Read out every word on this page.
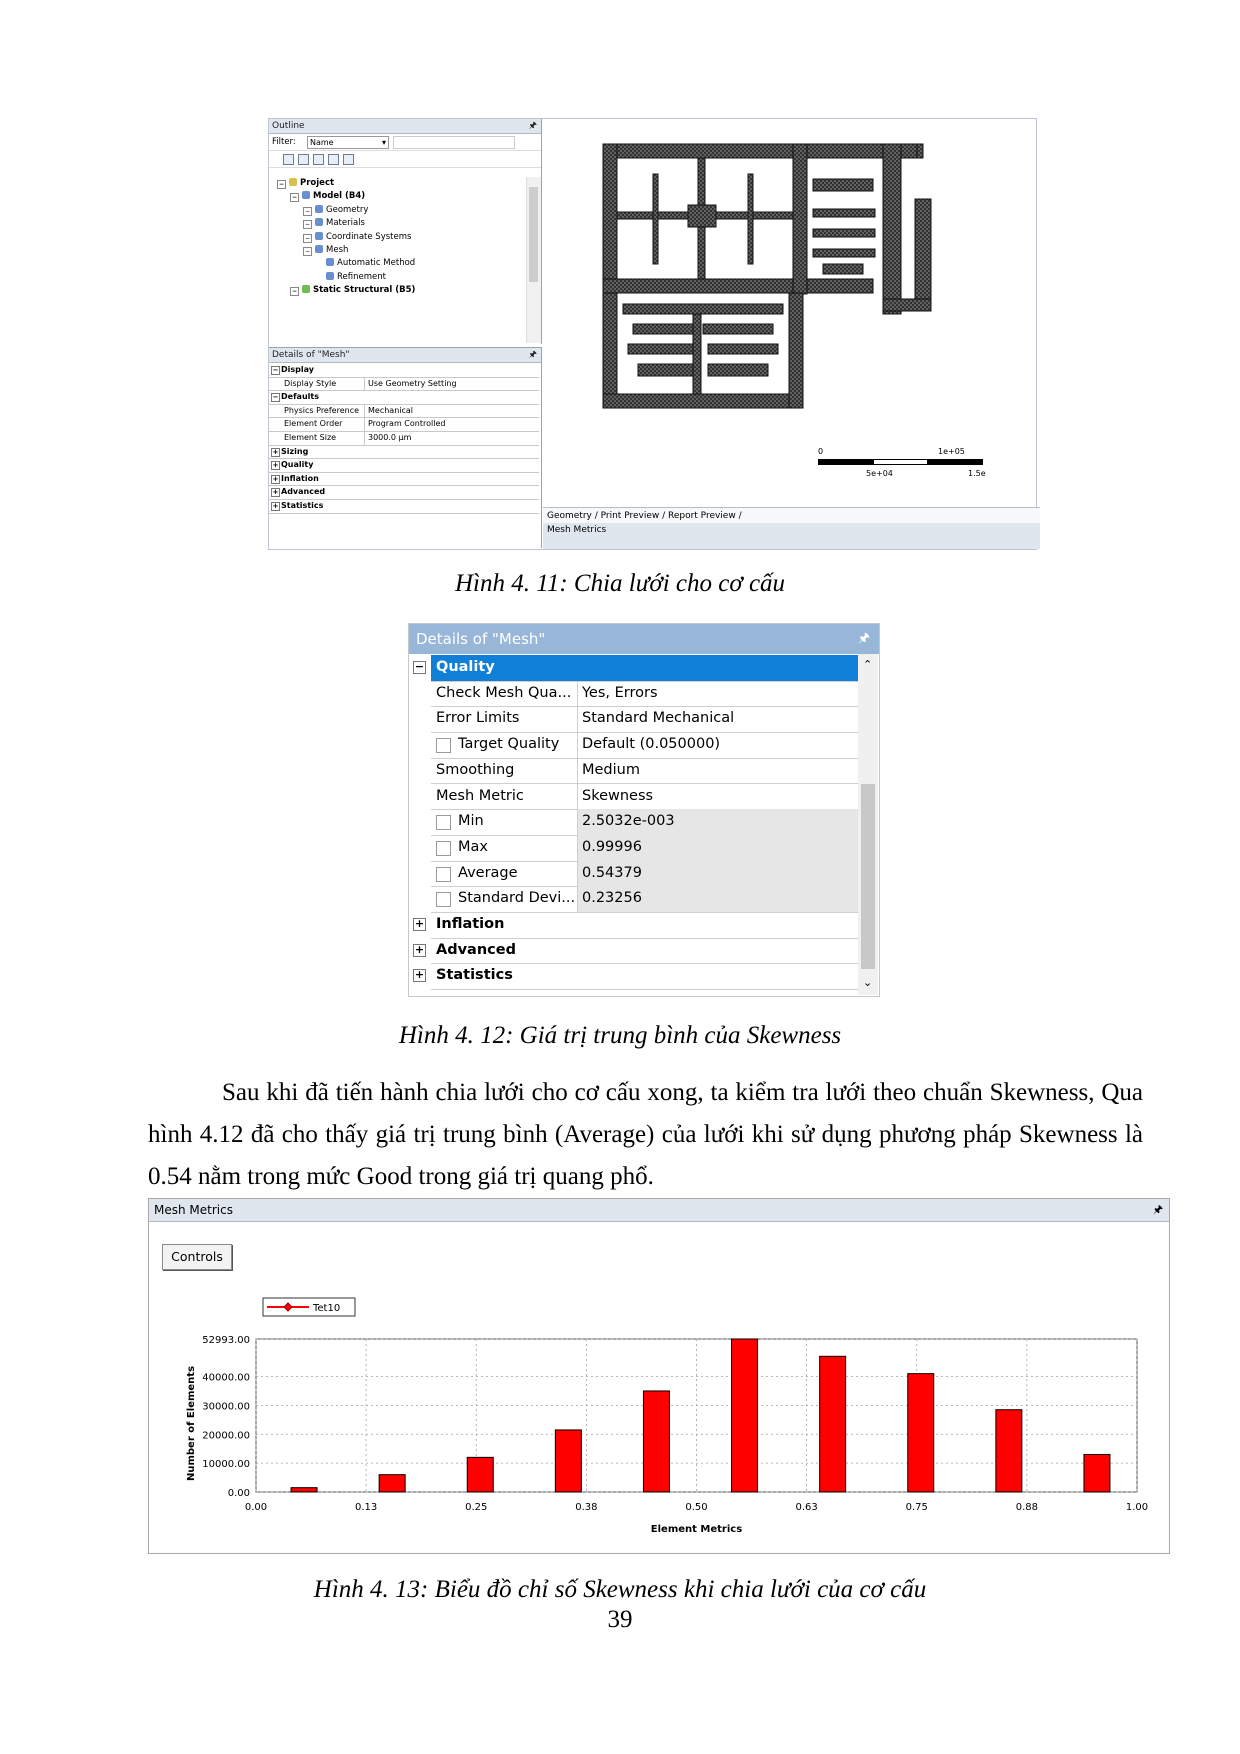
Outline	🖈︎
Filter:	Name	▾
− Project
− Model (B4)
− Geometry
− Materials
− Coordinate Systems
− Mesh
Automatic Method
Refinement
− Static Structural (B5)
Details of "Mesh"	🖈︎
− Display
Display Style	Use Geometry Setting
− Defaults
Physics Preference	Mechanical
Element Order	Program Controlled
Element Size	3000.0 µm
+ Sizing
+ Quality
+ Inflation
+ Advanced
+ Statistics
0	1e+05
5e+04	1.5e
Geometry / Print Preview / Report Preview /
Mesh Metrics
Hình 4. 11: Chia lưới cho cơ cấu
Details of "Mesh"	🖈︎
− Quality
Check Mesh Qua... Yes, Errors
Error Limits	Standard Mechanical
Target Quality	Default (0.050000)
Smoothing	Medium
Mesh Metric	Skewness
Min	2.5032e-003
Max	0.99996
Average	0.54379
Standard Devi... 0.23256
+ Inflation
+ Advanced
+ Statistics
⌃
⌄
Hình 4. 12: Giá trị trung bình của Skewness

Sau khi đã tiến hành chia lưới cho cơ cấu xong, ta kiểm tra lưới theo chuẩn Skewness, Qua hình 4.12 đã cho thấy giá trị trung bình (Average) của lưới khi sử dụng phương pháp Skewness là 0.54 nằm trong mức Good trong giá trị quang phổ.

Mesh Metrics	🖈︎
Controls
0.00	0.13	0.25	0.38	0.50	0.63	0.75	0.88	1.00
0.00
10000.00
20000.00
30000.00
40000.00
52993.00
Element Metrics
Number of Elements
Tet10
Hình 4. 13: Biểu đồ chỉ số Skewness khi chia lưới của cơ cấu
39
